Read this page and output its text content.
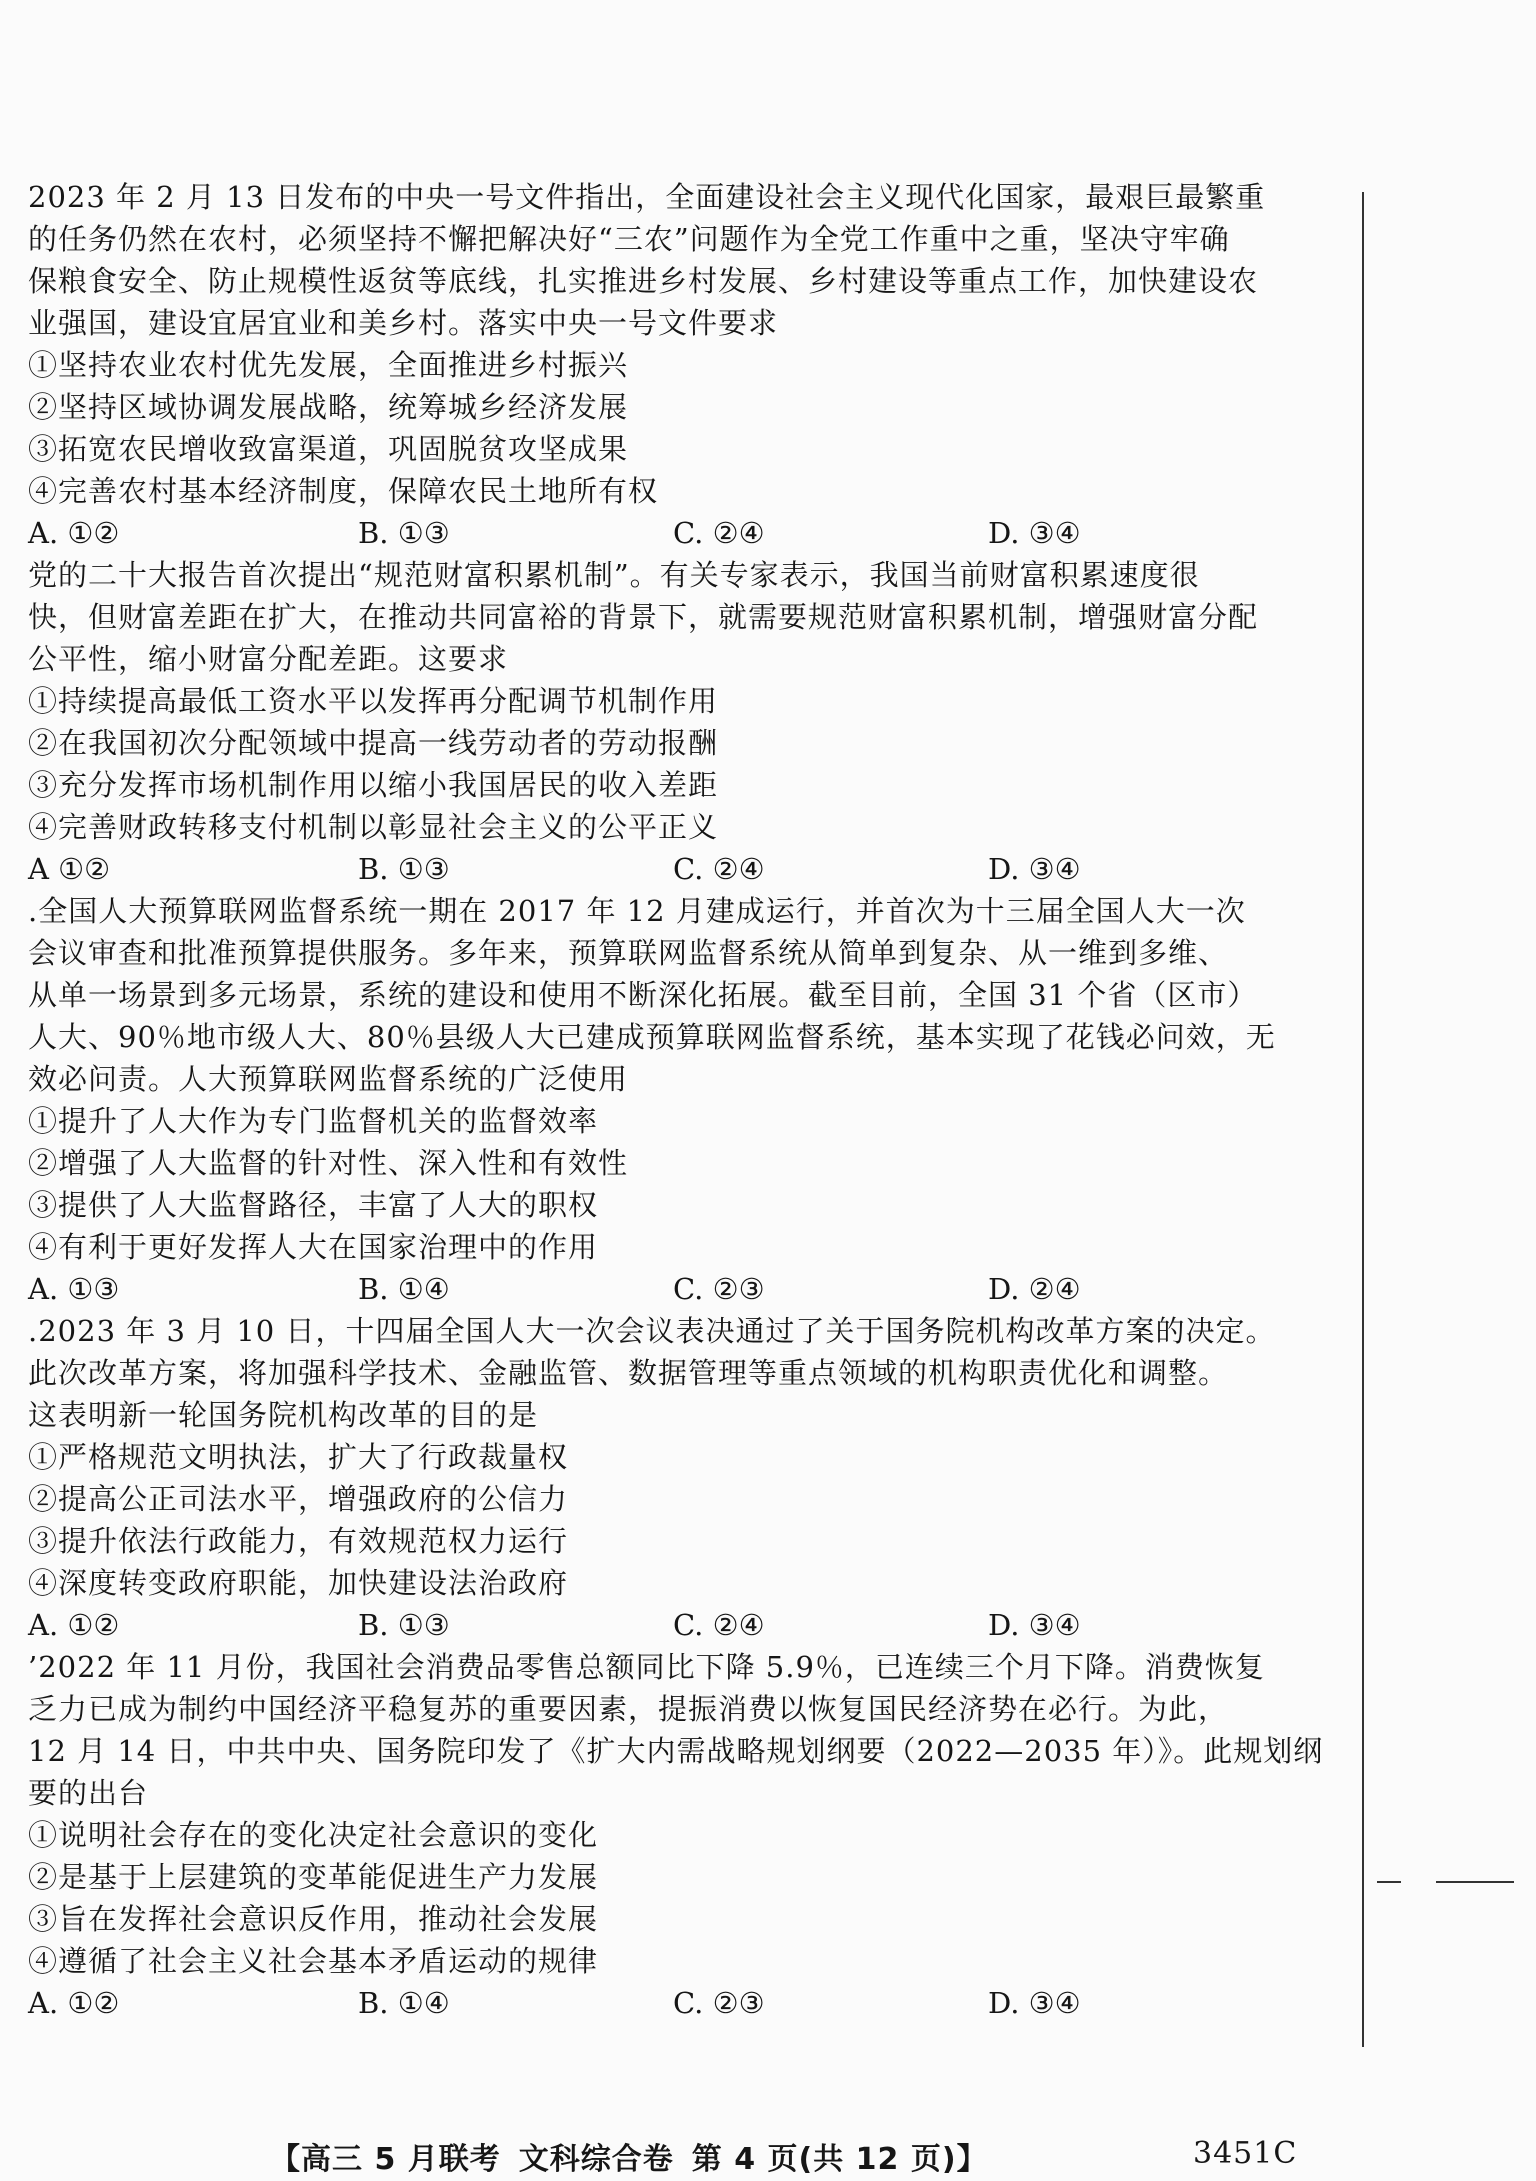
2023 年 2 月 13 日发布的中央一号文件指出，全面建设社会主义现代化国家，最艰巨最繁重
的任务仍然在农村，必须坚持不懈把解决好“三农”问题作为全党工作重中之重，坚决守牢确
保粮食安全、防止规模性返贫等底线，扎实推进乡村发展、乡村建设等重点工作，加快建设农
业强国，建设宜居宜业和美乡村。落实中央一号文件要求
①坚持农业农村优先发展，全面推进乡村振兴
②坚持区域协调发展战略，统筹城乡经济发展
③拓宽农民增收致富渠道，巩固脱贫攻坚成果
④完善农村基本经济制度，保障农民土地所有权
A. ①②	B. ①③	C. ②④	D. ③④
党的二十大报告首次提出“规范财富积累机制”。有关专家表示，我国当前财富积累速度很
快，但财富差距在扩大，在推动共同富裕的背景下，就需要规范财富积累机制，增强财富分配
公平性，缩小财富分配差距。这要求
①持续提高最低工资水平以发挥再分配调节机制作用
②在我国初次分配领域中提高一线劳动者的劳动报酬
③充分发挥市场机制作用以缩小我国居民的收入差距
④完善财政转移支付机制以彰显社会主义的公平正义
A ①②	B. ①③	C. ②④	D. ③④
.全国人大预算联网监督系统一期在 2017 年 12 月建成运行，并首次为十三届全国人大一次
会议审查和批准预算提供服务。多年来，预算联网监督系统从简单到复杂、从一维到多维、
从单一场景到多元场景，系统的建设和使用不断深化拓展。截至目前，全国 31 个省（区市）
人大、90％地市级人大、80％县级人大已建成预算联网监督系统，基本实现了花钱必问效，无
效必问责。人大预算联网监督系统的广泛使用
①提升了人大作为专门监督机关的监督效率
②增强了人大监督的针对性、深入性和有效性
③提供了人大监督路径，丰富了人大的职权
④有利于更好发挥人大在国家治理中的作用
A. ①③	B. ①④	C. ②③	D. ②④
.2023 年 3 月 10 日，十四届全国人大一次会议表决通过了关于国务院机构改革方案的决定。
此次改革方案，将加强科学技术、金融监管、数据管理等重点领域的机构职责优化和调整。
这表明新一轮国务院机构改革的目的是
①严格规范文明执法，扩大了行政裁量权
②提高公正司法水平，增强政府的公信力
③提升依法行政能力，有效规范权力运行
④深度转变政府职能，加快建设法治政府
A. ①②	B. ①③	C. ②④	D. ③④
’2022 年 11 月份，我国社会消费品零售总额同比下降 5.9％，已连续三个月下降。消费恢复
乏力已成为制约中国经济平稳复苏的重要因素，提振消费以恢复国民经济势在必行。为此，
12 月 14 日，中共中央、国务院印发了《扩大内需战略规划纲要（2022—2035 年）》。此规划纲
要的出台
①说明社会存在的变化决定社会意识的变化
②是基于上层建筑的变革能促进生产力发展
③旨在发挥社会意识反作用，推动社会发展
④遵循了社会主义社会基本矛盾运动的规律
A. ①②	B. ①④	C. ②③	D. ③④
【高三 5 月联考 文科综合卷 第 4 页(共 12 页)】	3451C
